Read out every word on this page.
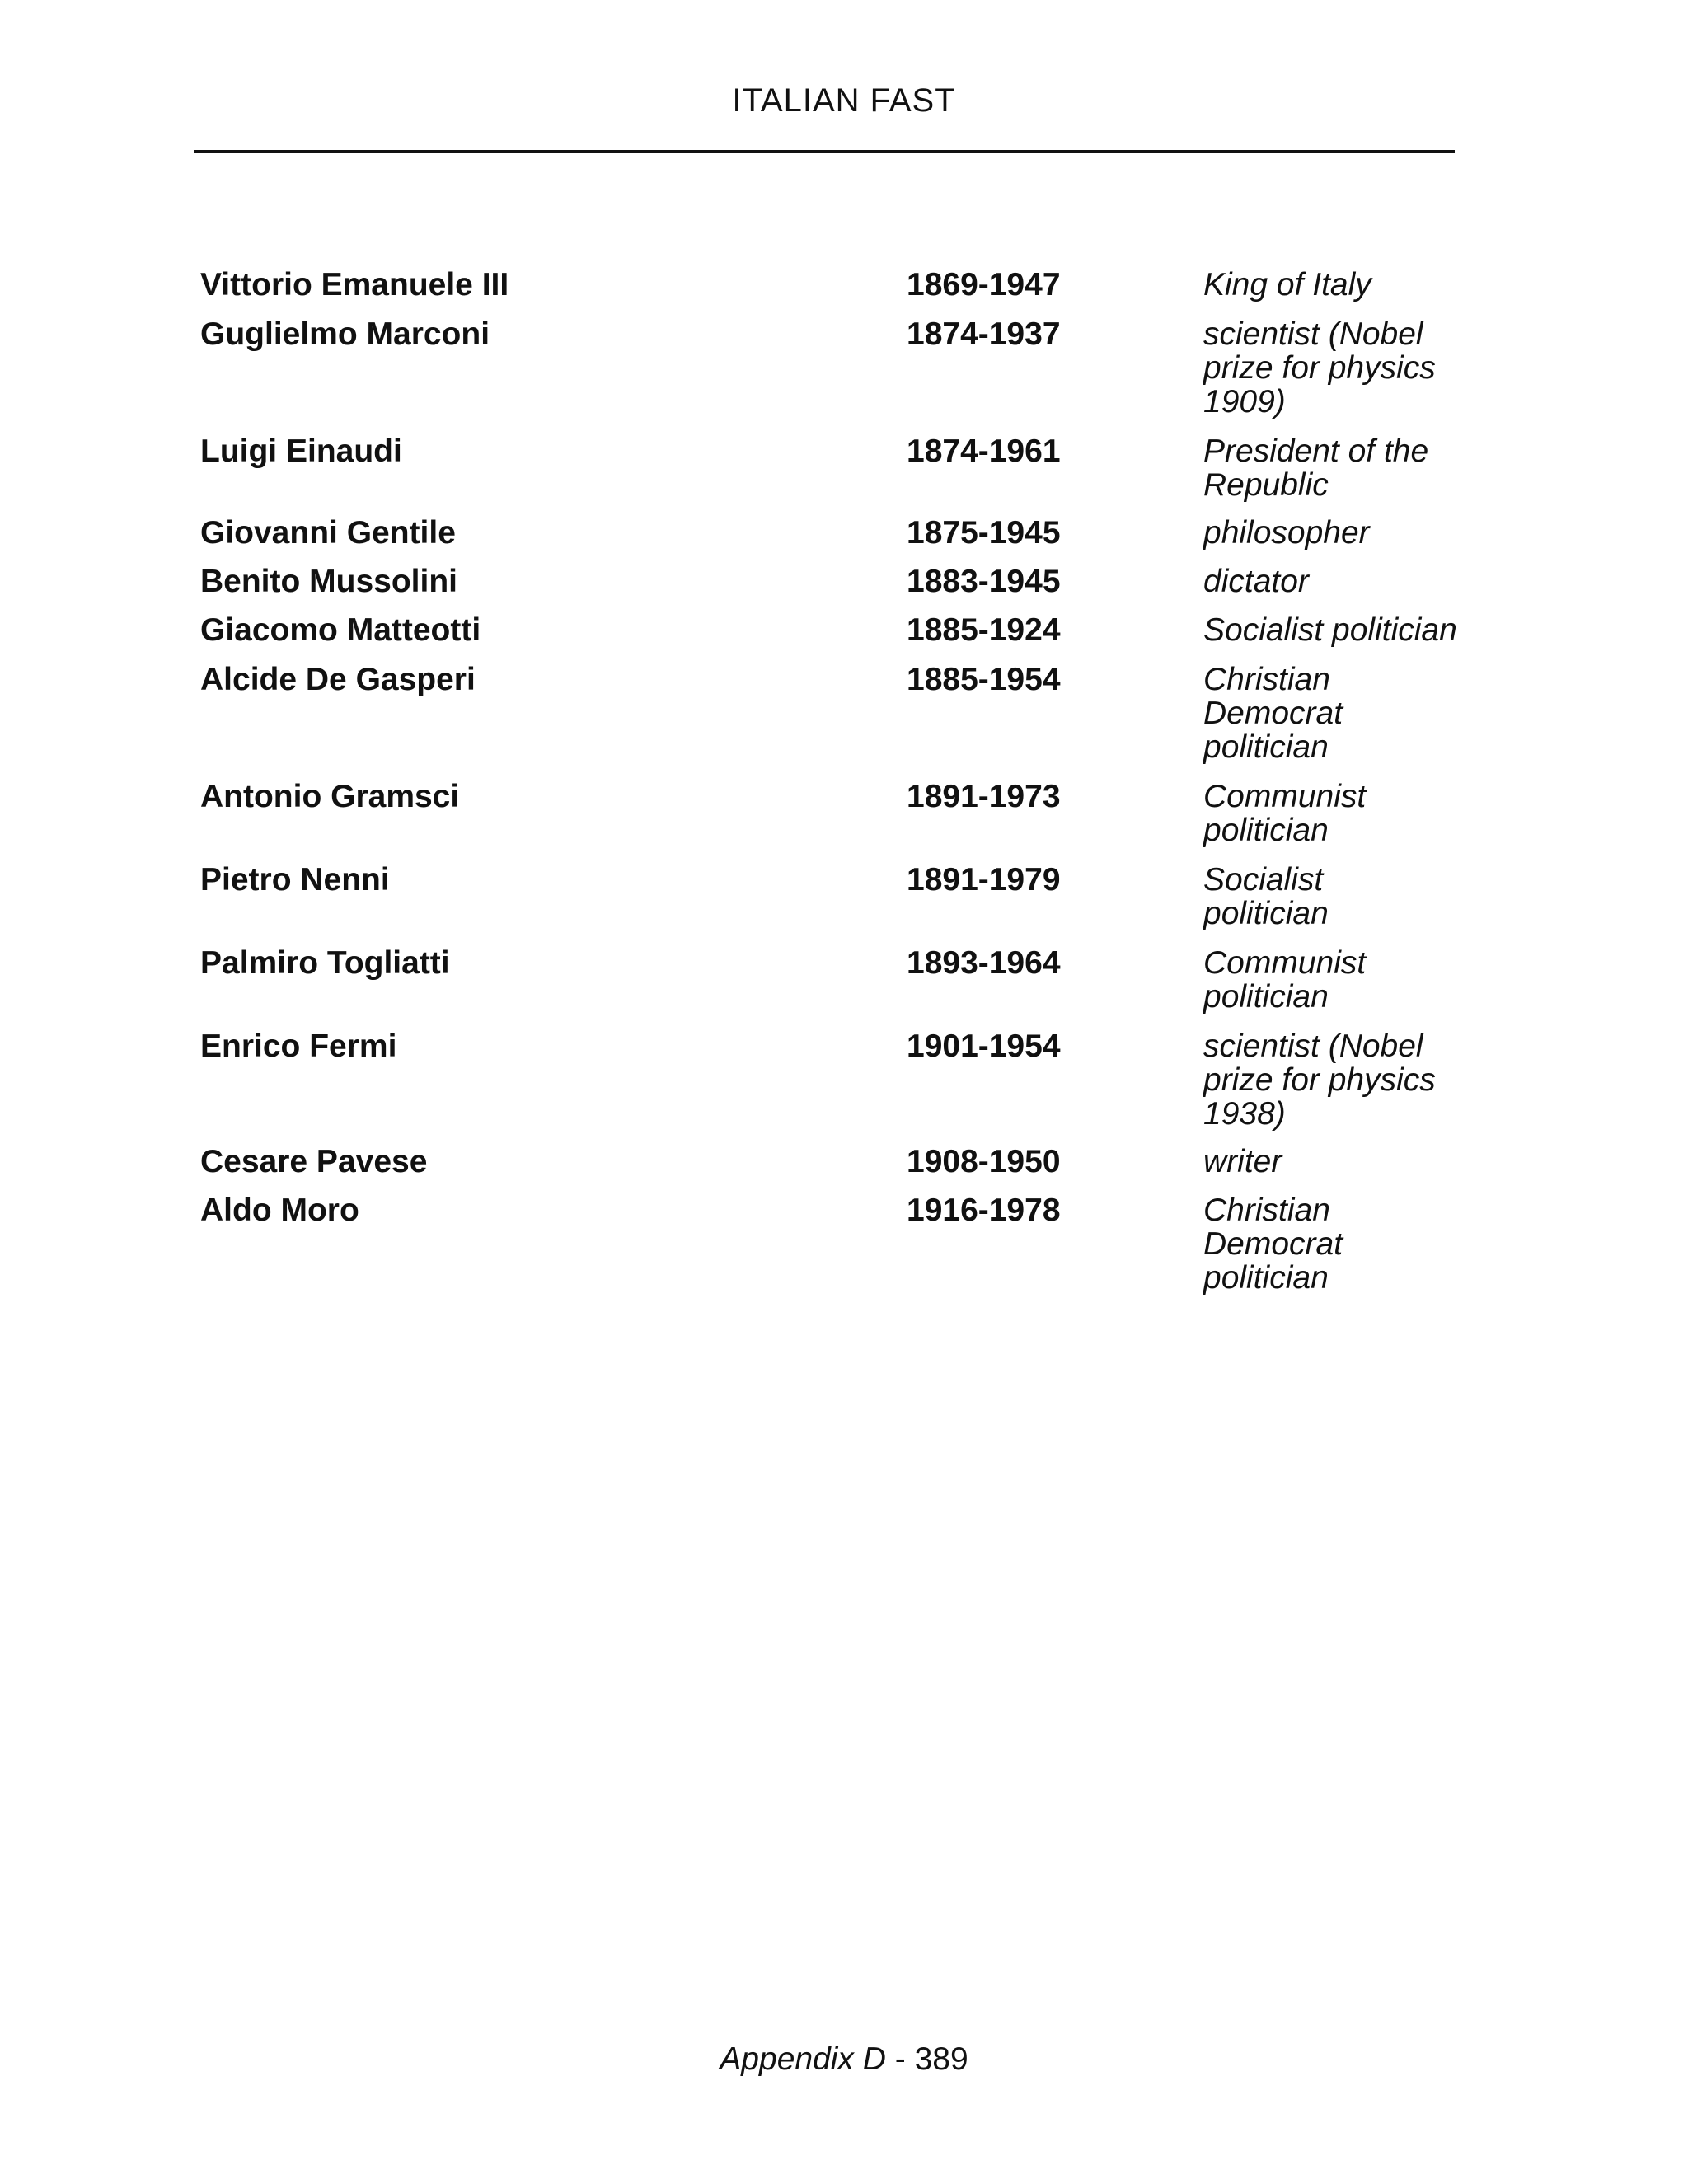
ITALIAN FAST
Vittorio Emanuele III	1869-1947	King of Italy
Guglielmo Marconi	1874-1937	scientist (Nobel
prize for physics
1909)
Luigi Einaudi	1874-1961	President of the
Republic
Giovanni Gentile	1875-1945	philosopher
Benito Mussolini	1883-1945	dictator
Giacomo Matteotti	1885-1924	Socialist politician
Alcide De Gasperi	1885-1954	Christian
Democrat
politician
Antonio Gramsci	1891-1973	Communist
politician
Pietro Nenni	1891-1979	Socialist
politician
Palmiro Togliatti	1893-1964	Communist
politician
Enrico Fermi	1901-1954	scientist (Nobel
prize for physics
1938)
Cesare Pavese	1908-1950	writer
Aldo Moro	1916-1978	Christian
Democrat
politician
Appendix D - 389
